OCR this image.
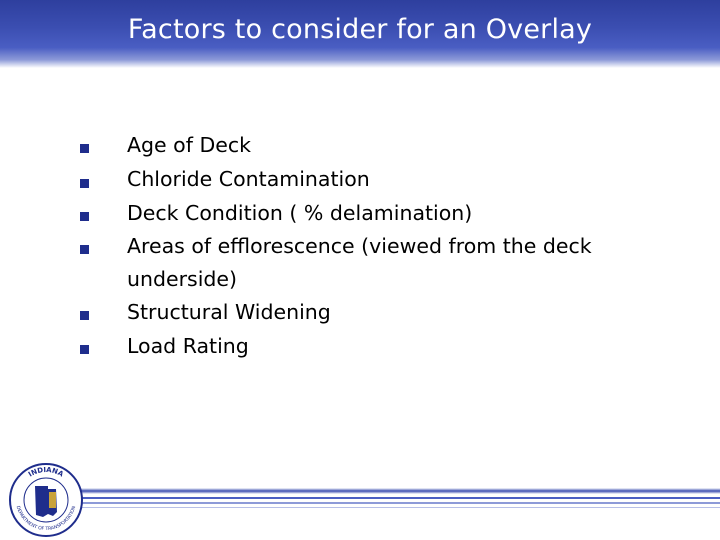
Factors to consider for an Overlay
Age of Deck
Chloride Contamination
Deck Condition ( % delamination)
Areas of efflorescence (viewed from the deck
underside)
Structural Widening
Load Rating
INDIANA
DEPARTMENT OF TRANSPORTATION
